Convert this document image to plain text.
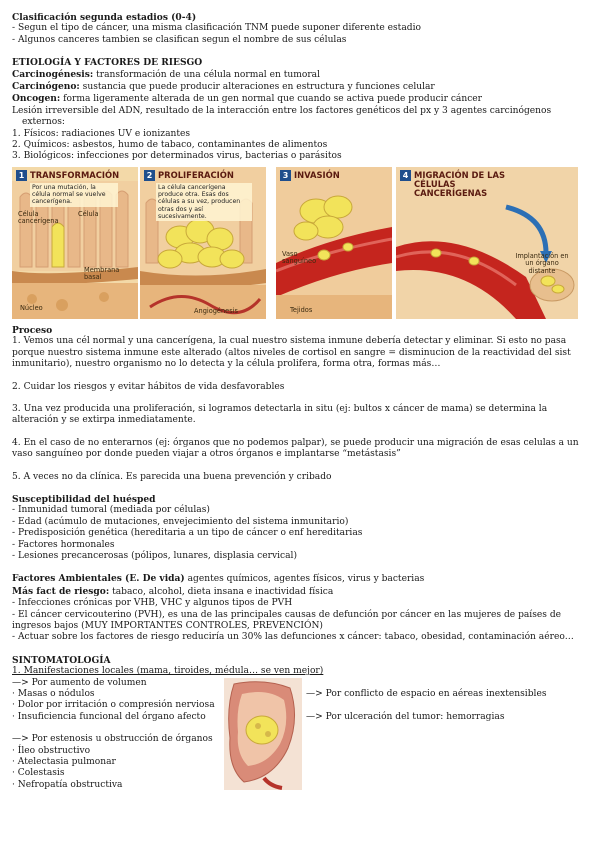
Clasificación segunda estadios (0-4)
- Segun el tipo de cáncer, una misma clasificación TNM puede suponer diferente estadio
- Algunos canceres tambien se clasifican segun el nombre de sus células
ETIOLOGÍA Y FACTORES DE RIESGO
Carcinogénesis: transformación de una célula normal en tumoral
Carcinógeno: sustancia que puede producir alteraciones en estructura y funciones celular
Oncogen: forma ligeramente alterada de un gen normal que cuando se activa puede producir cáncer
Lesión irreversible del ADN, resultado de la interacción entre los factores genéticos del px y 3 agentes carcinógenos
externos:
1. Físicos: radiaciones UV e ionizantes
2. Químicos: asbestos, humo de tabaco, contaminantes de alimentos
3. Biológicos: infecciones por determinados virus, bacterias o parásitos
1 TRANSFORMACIÓN
Por una mutación, la célula normal se vuelve cancerígena.
Célula cancerígena
Célula
Membrana basal
Núcleo
2 PROLIFERACIÓN
La célula cancerígena produce otra. Esas dos células a su vez, producen otras dos y así sucesivamente.
Angiogénesis
3 INVASIÓN
Vaso sanguíneo
Tejidos
4 MIGRACIÓN DE LAS CÉLULAS CANCERÍGENAS
Implantación en un órgano distante
Proceso
1. Vemos una cél normal y una cancerígena, la cual nuestro sistema inmune debería detectar y eliminar. Si esto no pasa
porque nuestro sistema inmune este alterado (altos niveles de cortisol en sangre = disminucion de la reactividad del sist
inmunitario), nuestro organismo no lo detecta y la célula prolifera, forma otra, formas más…
2. Cuidar los riesgos y evitar hábitos de vida desfavorables
3. Una vez producida una proliferación, si logramos detectarla in situ (ej: bultos x cáncer de mama) se determina la
alteración y se extirpa inmediatamente.
4. En el caso de no enterarnos (ej: órganos que no podemos palpar), se puede producir una migración de esas celulas a un
vaso sanguíneo por donde pueden viajar a otros órganos e implantarse “metástasis”
5. A veces no da clínica. Es parecida una buena prevención y cribado
Susceptibilidad del huésped
- Inmunidad tumoral (mediada por células)
- Edad (acúmulo de mutaciones, envejecimiento del sistema inmunitario)
- Predisposición genética (hereditaria a un tipo de cáncer o enf hereditarias
- Factores hormonales
- Lesiones precancerosas (pólipos, lunares, displasia cervical)
Factores Ambientales (E. De vida) agentes químicos, agentes físicos, virus y bacterias
Más fact de riesgo: tabaco, alcohol, dieta insana e inactividad física
- Infecciones crónicas por VHB, VHC y algunos tipos de PVH
- El cáncer cervicouterino (PVH), es una de las principales causas de defunción por cáncer en las mujeres de países de
ingresos bajos (MUY IMPORTANTES CONTROLES, PREVENCIÓN)
- Actuar sobre los factores de riesgo reduciría un 30% las defunciones x cáncer: tabaco, obesidad, contaminación aéreo…
SINTOMATOLOGÍA
1. Manifestaciones locales (mama, tiroides, médula… se ven mejor)
—> Por aumento de volumen
· Masas o nódulos
· Dolor por irritación o compresión nerviosa
· Insuficiencia funcional del órgano afecto
—> Por estenosis u obstrucción de órganos
· Íleo obstructivo
· Atelectasia pulmonar
· Colestasis
· Nefropatía obstructiva
—> Por conflicto de espacio en aéreas inextensibles
—> Por ulceración del tumor: hemorragias
